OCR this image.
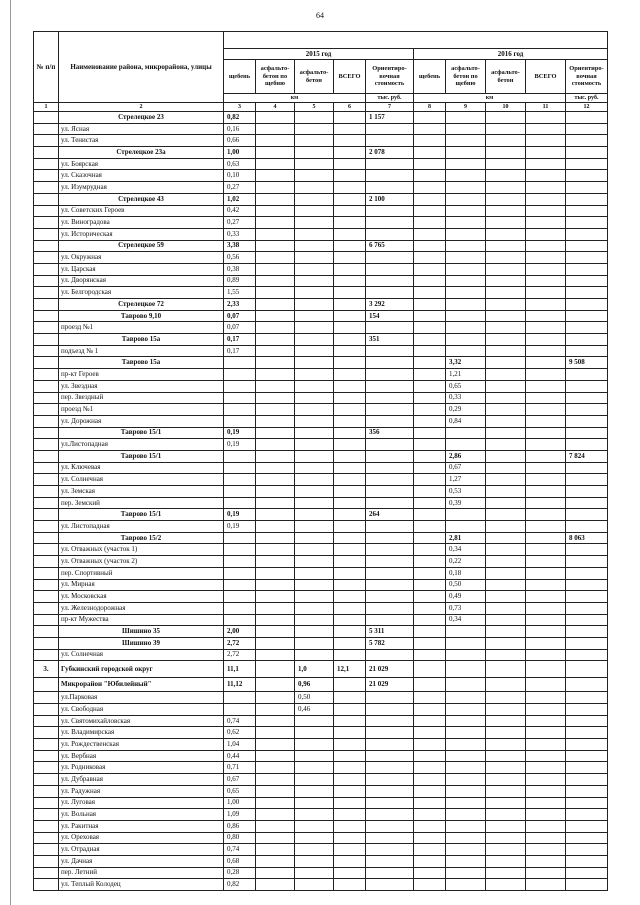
64
№ п/п	Наименование района, микрорайона, улицы										
		2015 год					2016 год				
		щебень	асфальто-бетон по щебню	асфальто-бетон	ВСЕГО	Ориентиро-вочная стоимость	щебень	асфальто-бетон по щебню	асфальто-бетон	ВСЕГО	Ориентиро-вочная стоимость
		км				тыс. руб.	км				тыс. руб.
1	2	3	4	5	6	7	8	9	10	11	12
	Стрелецкое 23	0,82				1 157					
	ул. Ясная	0,16									
	ул. Тенистая	0,66									
	Стрелецкое 23а	1,00				2 078					
	ул. Боярская	0,63									
	ул. Сказочная	0,10									
	ул. Изумрудная	0,27									
	Стрелецкое 43	1,02				2 100					
	ул. Советских Героев	0,42									
	ул. Виноградова	0,27									
	ул. Историческая	0,33									
	Стрелецкое 59	3,38				6 765					
	ул. Окружная	0,56									
	ул. Царская	0,38									
	ул. Дворянская	0,89									
	ул. Белгородская	1,55									
	Стрелецкое 72	2,33				3 292					
	Таврово 9,10	0,07				154					
	проезд №1	0,07									
	Таврово 15а	0,17				351					
	подъезд № 1	0,17									
	Таврово 15а							3,32			9 508
	пр-кт Героев							1,21			
	ул. Звездная							0,65			
	пер. Звездный							0,33			
	проезд №1							0,29			
	ул. Дорожная							0,84			
	Таврово 15/1	0,19				356					
	ул.Листопадная	0,19									
	Таврово 15/1							2,86			7 824
	ул. Ключевая							0,67			
	ул. Солнечная							1,27			
	ул. Земская							0,53			
	пер. Земский							0,39			
	Таврово 15/1	0,19				264					
	ул. Листопадная	0,19									
	Таврово 15/2							2,81			8 063
	ул. Отважных (участок 1)							0,34			
	ул. Отважных (участок 2)							0,22			
	пер. Спортивный							0,18			
	ул. Мирная							0,50			
	ул. Московская							0,49			
	ул. Железнодорожная							0,73			
	пр-кт Мужества							0,34			
	Шишино 35	2,00				5 311					
	Шишино 39	2,72				5 782					
	ул. Солнечная	2,72									
3.	Губкинский городской округ	11,1		1,0	12,1	21 029					
	Микрорайон "Юбилейный"	11,12		0,96		21 029					
	ул.Парковая			0,50							
	ул. Свободная			0,46							
	ул. Святомихайловская	0,74									
	ул. Владимирская	0,62									
	ул. Рождественская	1,04									
	ул. Вербная	0,44									
	ул. Родниковая	0,71									
	ул. Дубравная	0,67									
	ул. Радужная	0,65									
	ул. Луговая	1,00									
	ул. Вольная	1,09									
	ул. Ракитная	0,86									
	ул. Ореховая	0,80									
	ул. Отрадная	0,74									
	ул. Дачная	0,68									
	пер. Летний	0,28									
	ул. Теплый Колодец	0,82									
